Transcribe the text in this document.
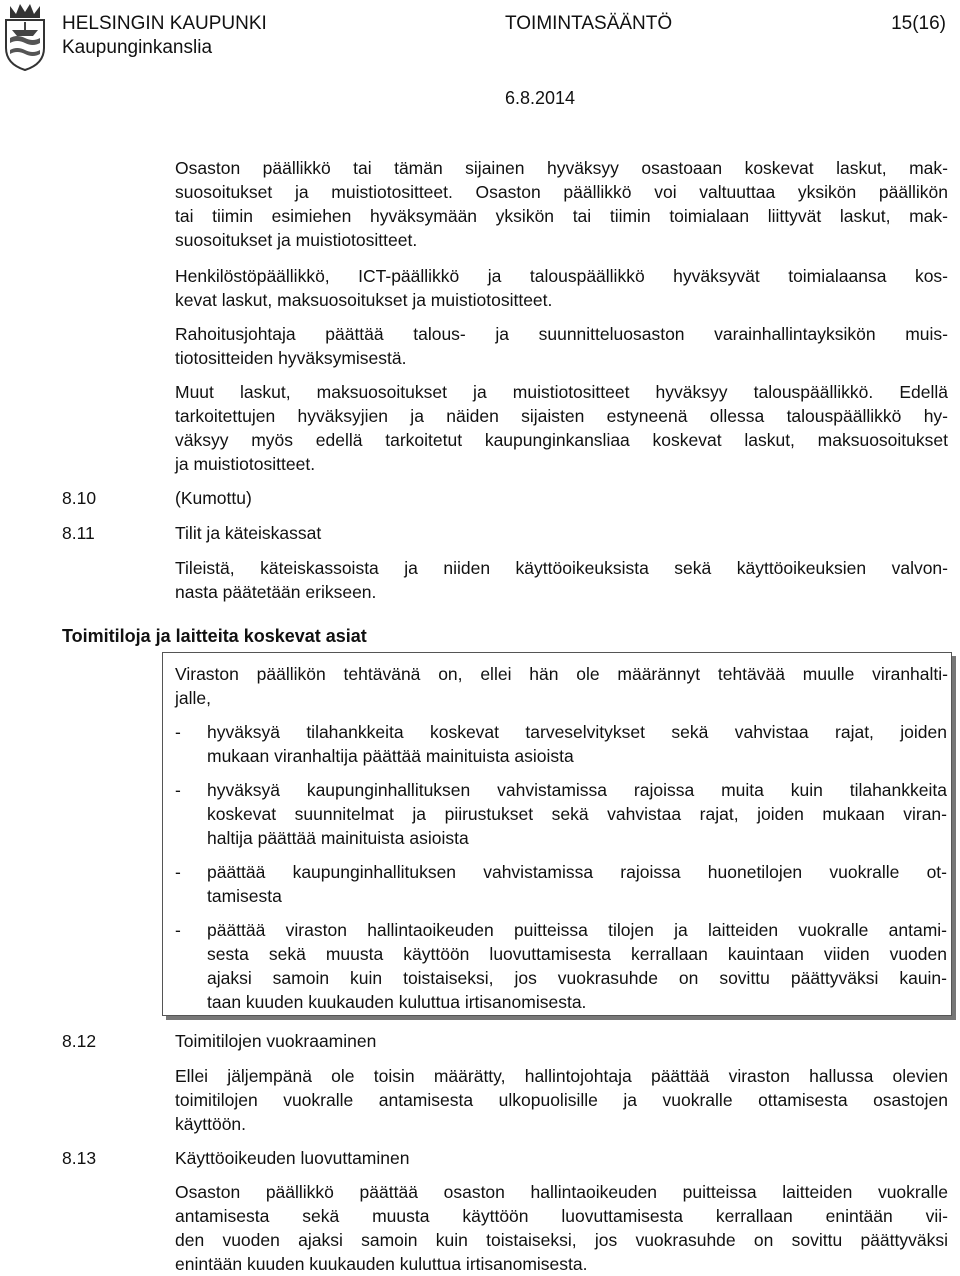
HELSINGIN KAUPUNKI
Kaupunginkanslia
TOIMINTASÄÄNTÖ	15(16)
6.8.2014
Osaston päällikkö tai tämän sijainen hyväksyy osastoaan koskevat laskut, mak-
suosoitukset ja muistiotositteet. Osaston päällikkö voi valtuuttaa yksikön päällikön
tai tiimin esimiehen hyväksymään yksikön tai tiimin toimialaan liittyvät laskut, mak-
suosoitukset ja muistiotositteet.
Henkilöstöpäällikkö, ICT-päällikkö ja talouspäällikkö hyväksyvät toimialaansa kos-
kevat laskut, maksuosoitukset ja muistiotositteet.
Rahoitusjohtaja päättää talous- ja suunnitteluosaston varainhallintayksikön muis-
tiotositteiden hyväksymisestä.
Muut laskut, maksuosoitukset ja muistiotositteet hyväksyy talouspäällikkö. Edellä
tarkoitettujen hyväksyjien ja näiden sijaisten estyneenä ollessa talouspäällikkö hy-
väksyy myös edellä tarkoitetut kaupunginkansliaa koskevat laskut, maksuosoitukset
ja muistiotositteet.
8.10	(Kumottu)
8.11	Tilit ja käteiskassat
Tileistä, käteiskassoista ja niiden käyttöoikeuksista sekä käyttöoikeuksien valvon-
nasta päätetään erikseen.
Toimitiloja ja laitteita koskevat asiat
Viraston päällikön tehtävänä on, ellei hän ole määrännyt tehtävää muulle viranhalti-
jalle,
-	hyväksyä tilahankkeita koskevat tarveselvitykset sekä vahvistaa rajat, joiden
mukaan viranhaltija päättää mainituista asioista
-	hyväksyä kaupunginhallituksen vahvistamissa rajoissa muita kuin tilahankkeita
koskevat suunnitelmat ja piirustukset sekä vahvistaa rajat, joiden mukaan viran-
haltija päättää mainituista asioista
-	päättää kaupunginhallituksen vahvistamissa rajoissa huonetilojen vuokralle ot-
tamisesta
-	päättää viraston hallintaoikeuden puitteissa tilojen ja laitteiden vuokralle antami-
sesta sekä muusta käyttöön luovuttamisesta kerrallaan kauintaan viiden vuoden
ajaksi samoin kuin toistaiseksi, jos vuokrasuhde on sovittu päättyväksi kauin-
taan kuuden kuukauden kuluttua irtisanomisesta.
8.12	Toimitilojen vuokraaminen
Ellei jäljempänä ole toisin määrätty, hallintojohtaja päättää viraston hallussa olevien
toimitilojen vuokralle antamisesta ulkopuolisille ja vuokralle ottamisesta osastojen
käyttöön.
8.13	Käyttöoikeuden luovuttaminen
Osaston päällikkö päättää osaston hallintaoikeuden puitteissa laitteiden vuokralle
antamisesta sekä muusta käyttöön luovuttamisesta kerrallaan enintään vii-
den vuoden ajaksi samoin kuin toistaiseksi, jos vuokrasuhde on sovittu päättyväksi
enintään kuuden kuukauden kuluttua irtisanomisesta.
